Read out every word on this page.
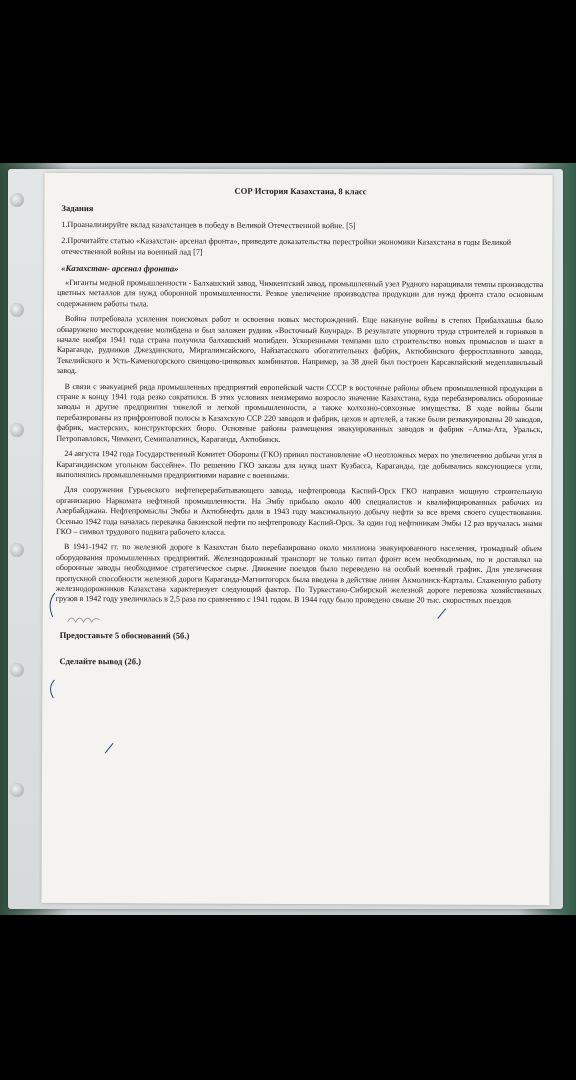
СОР История Казахстана, 8 класс
Задания
1.Проанализируйте вклад казахстанцев в победу в Великой Отечественной войне. [5]
2.Прочитайте статью «Казахстан- арсенал фронта», приведите доказательства перестройки экономики Казахстана в годы Великой отечественной войны на военный лад [7]
«Казахстан- арсенал фронта»
«Гиганты медной промышленности - Балхашский завод, Чимкентский завод, промышленный узел Рудного наращивали темпы производства цветных металлов для нужд оборонной промышленности. Резкое увеличение производства продукции для нужд фронта стало основным содержанием работы тыла.
Война потребовала усиления поисковых работ и освоения новых месторождений. Еще накануне войны в степях Прибалхашья было обнаружено месторождение молибдена и был заложен рудник «Восточный Коунрад». В результате упорного труда строителей и горняков в начале ноября 1941 года страна получила балхашский молибден. Ускоренными темпами шло строительство новых промыслов и шахт в Караганде, рудников Джездинского, Миргалимсайского, Найзатасского обогатительных фабрик, Актюбинского ферросплавного завода, Текелийского и Усть-Каменогорского свинцово-цинковых комбинатов. Например, за 38 дней был построен Карсакпайский медеплавильный завод.
В связи с эвакуацией ряда промышленных предприятий европейской части СССР в восточные районы объем промышленной продукции в стране к концу 1941 года резко сократился. В этих условиях неизмеримо возросло значение Казахстана, куда перебазировались оборонные заводы и другие предприятия тяжелой и легкой промышленности, а также колхозно-совхозные имущества. В ходе войны были перебазированы из прифронтовой полосы в Казахскую ССР 220 заводов и фабрик, цехов и артелей, а также были резвакуированы 20 заводов, фабрик, мастерских, конструкторских бюро. Основные районы размещения эвакуированных заводов и фабрик –Алма-Ата, Уральск, Петропавловск, Чимкент, Семипалатинск, Караганда, Актюбинск.
24 августа 1942 года Государственный Комитет Обороны (ГКО) принял постановление «О неотложных мерах по увеличению добычи угля в Карагандинском угольном бассейне». По решению ГКО заказы для нужд шахт Кузбасса, Караганды, где добывались коксующиеся угли, выполнялись промышленными предприятиями наравне с военными.
Для сооружения Гурьевского нефтеперерабатывающего завода, нефтепровода Каспий-Орск ГКО направил мощную строительную организацию Наркомата нефтяной промышленности. На Эмбу прибыло около 400 специалистов и квалифицированных рабочих из Азербайджана. Нефтепромыслы Эмбы и Актюбнефть дали в 1943 году максимальную добычу нефти за все время своего существования. Осенью 1942 года началась перекачка бакинской нефти по нефтепроводу Каспий-Орск. За один год нефтяникам Эмбы 12 раз вручалась знамя ГКО – символ трудового подвига рабочего класса.
В 1941-1942 гг. по железной дороге в Казахстан было перебазировано около миллиона эвакуированного населения, громадный объем оборудования промышленных предприятий. Железнодорожный транспорт не только питал фронт всем необходимым, но и доставлял на оборонные заводы необходимое стратегическое сырье. Движение поездов было переведено на особый военный график. Для увеличения пропускной способности железной дороги Караганда-Магнитогорск была введена в действие линия Акмолинск-Карталы. Слаженную работу железнодорожников Казахстана характеризует следующий фактор. По Туркестано-Сибирской железной дороге перевозка хозяйственных грузов в 1942 году увеличилась в 2,5 раза по сравнению с 1941 годом. В 1944 году было проведено свыше 20 тыс. скоростных поездов
Предоставьте 5 обоснований (5б.)
Сделайте вывод (2б.)
